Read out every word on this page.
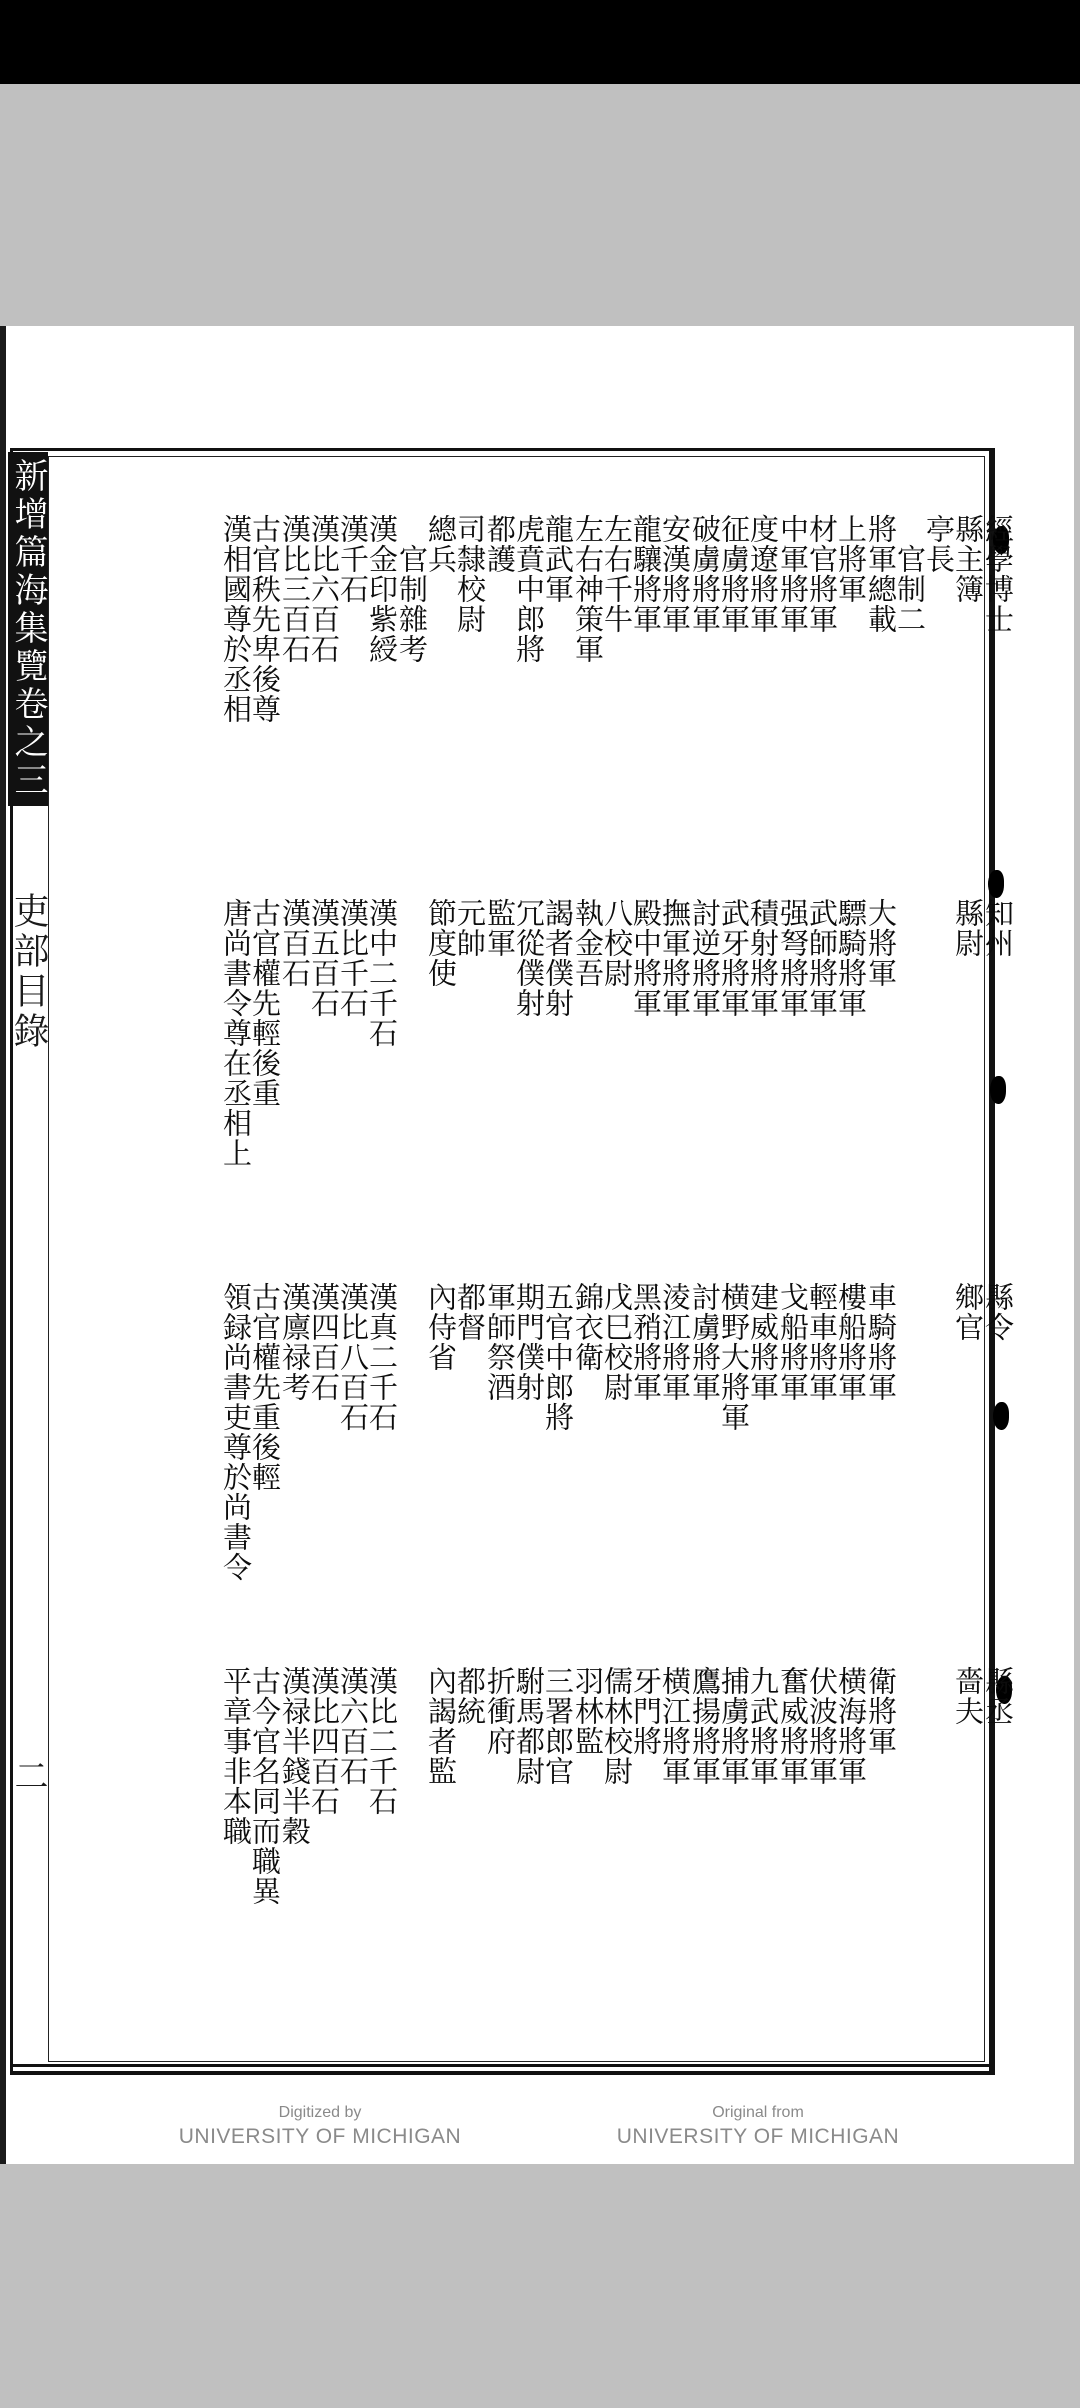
新增篇海集覽卷之三
吏部目錄
二
經學博士
縣主簿
亭長
　官制二
將軍總載
上將軍
材官將軍
中軍將軍
度遼將軍
征虜將軍
破虜將軍
安漢將軍
龍驤將軍
左右千牛
左右神策軍
龍武軍
虎賁中郎將
都護
司隸校尉
總兵
　官制雜考
漢金印紫綬
漢千石
漢比六百石
漢比三百石
古官秩先卑後尊
漢相國尊於丞相
知州
縣尉
大將軍
驃騎將軍
武師將軍
强弩將軍
積射將軍
武牙將軍
討逆將軍
撫軍將軍
殿中將軍
八校尉
執金吾
謁者僕射
冗從僕射
監軍
元帥
節度使
漢中二千石
漢比千石
漢五百石
漢百石
古官權先輕後重
唐尚書令尊在丞相上
縣令
鄉官
車騎將軍
樓船將軍
輕車將軍
戈船將軍
建威將軍
横野大將軍
討虜將軍
淩江將軍
黑矟將軍
戊巳校尉
錦衣衛
五官中郎將
期門僕射
軍師祭酒
都督
內侍省
漢真二千石
漢比八百石
漢四百石
漢廪禄考
古官權先重後輕
領録尚書吏尊於尚書令
縣丞
嗇夫
衛將軍
横海將軍
伏波將軍
奮威將軍
九武將軍
捕虜將軍
鷹揚將軍
横江將軍
牙門將
儒林校尉
羽林監
三署郎官
駙馬都尉
折衝府
都統
內謁者監
漢比二千石
漢六百石
漢比四百石
漢禄半錢半穀
古今官名同而職異
平章事非本職
Digitized by
UNIVERSITY OF MICHIGAN
Original from
UNIVERSITY OF MICHIGAN
